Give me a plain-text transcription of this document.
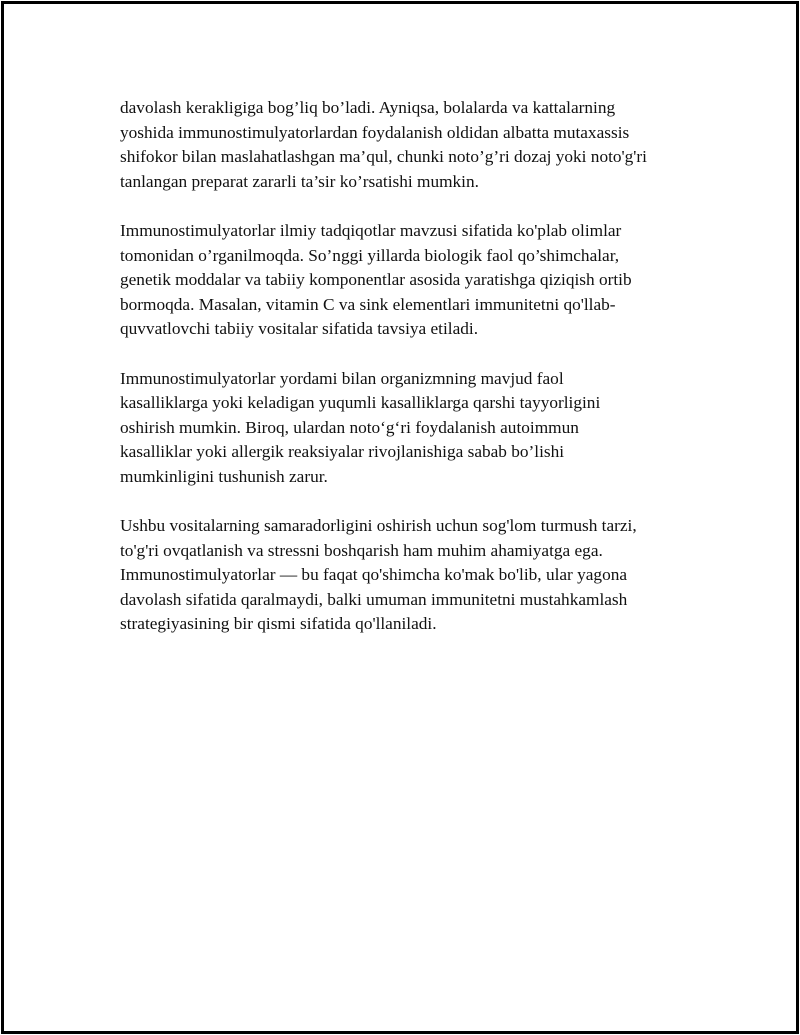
davolash kerakligiga bog’liq bo’ladi. Ayniqsa, bolalarda va kattalarning
yoshida immunostimulyatorlardan foydalanish oldidan albatta mutaxassis
shifokor bilan maslahatlashgan ma’qul, chunki noto’g’ri dozaj yoki noto'g'ri
tanlangan preparat zararli ta’sir ko’rsatishi mumkin.

Immunostimulyatorlar ilmiy tadqiqotlar mavzusi sifatida ko'plab olimlar
tomonidan o’rganilmoqda. So’nggi yillarda biologik faol qo’shimchalar,
genetik moddalar va tabiiy komponentlar asosida yaratishga qiziqish ortib
bormoqda. Masalan, vitamin C va sink elementlari immunitetni qo'llab-
quvvatlovchi tabiiy vositalar sifatida tavsiya etiladi.

Immunostimulyatorlar yordami bilan organizmning mavjud faol
kasalliklarga yoki keladigan yuqumli kasalliklarga qarshi tayyorligini
oshirish mumkin. Biroq, ulardan noto‘g‘ri foydalanish autoimmun
kasalliklar yoki allergik reaksiyalar rivojlanishiga sabab bo’lishi
mumkinligini tushunish zarur.

Ushbu vositalarning samaradorligini oshirish uchun sog'lom turmush tarzi,
to'g'ri ovqatlanish va stressni boshqarish ham muhim ahamiyatga ega.
Immunostimulyatorlar — bu faqat qo'shimcha ko'mak bo'lib, ular yagona
davolash sifatida qaralmaydi, balki umuman immunitetni mustahkamlash
strategiyasining bir qismi sifatida qo'llaniladi.
